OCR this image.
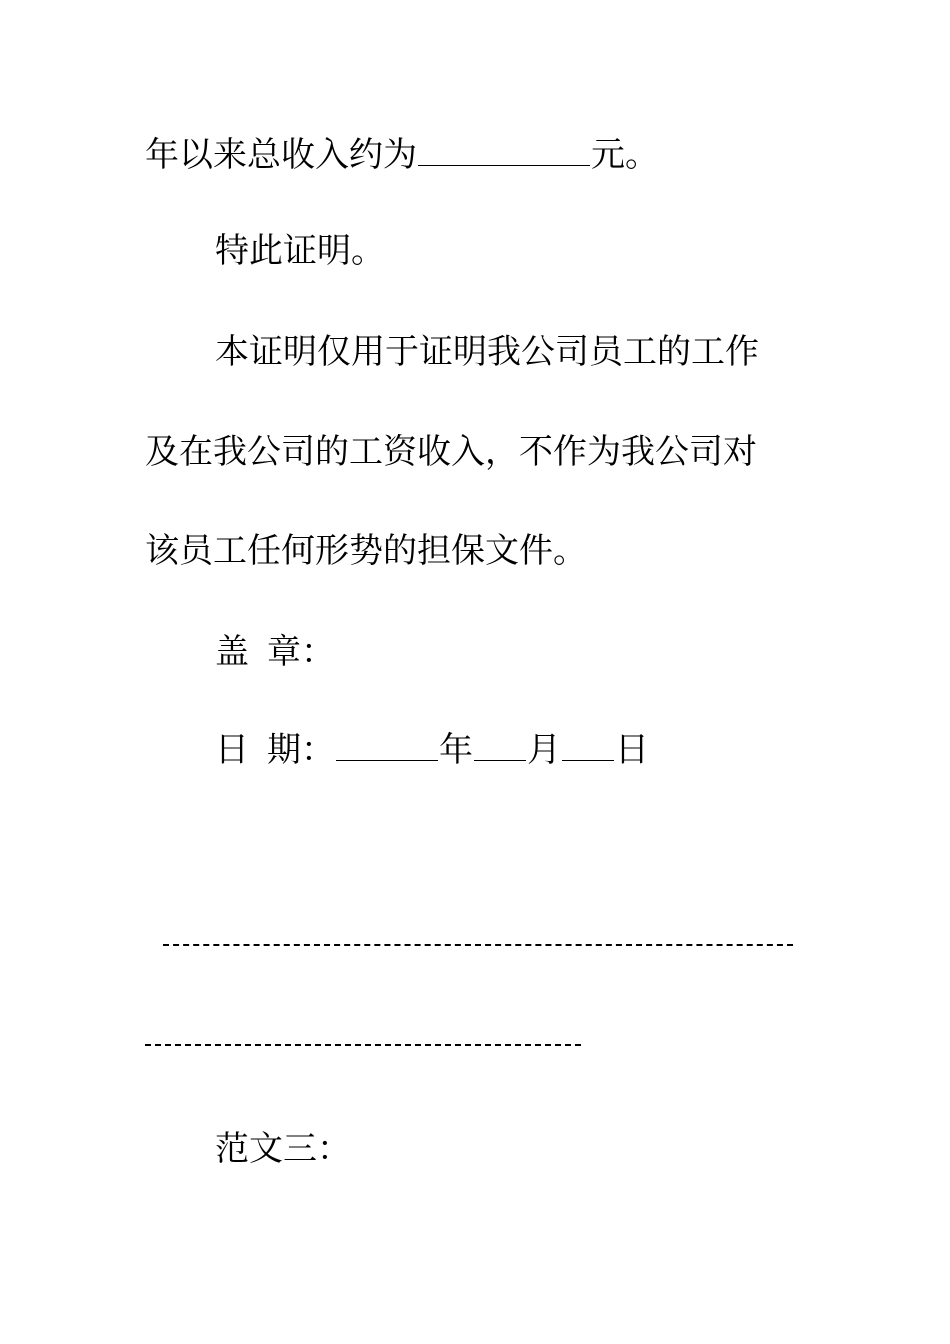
年以来总收入约为	元。
特此证明。
本证明仅用于证明我公司员工的工作
及在我公司的工资收入，不作为我公司对
该员工任何形势的担保文件。
盖 章：
日 期：	年 月 日
范文三：
